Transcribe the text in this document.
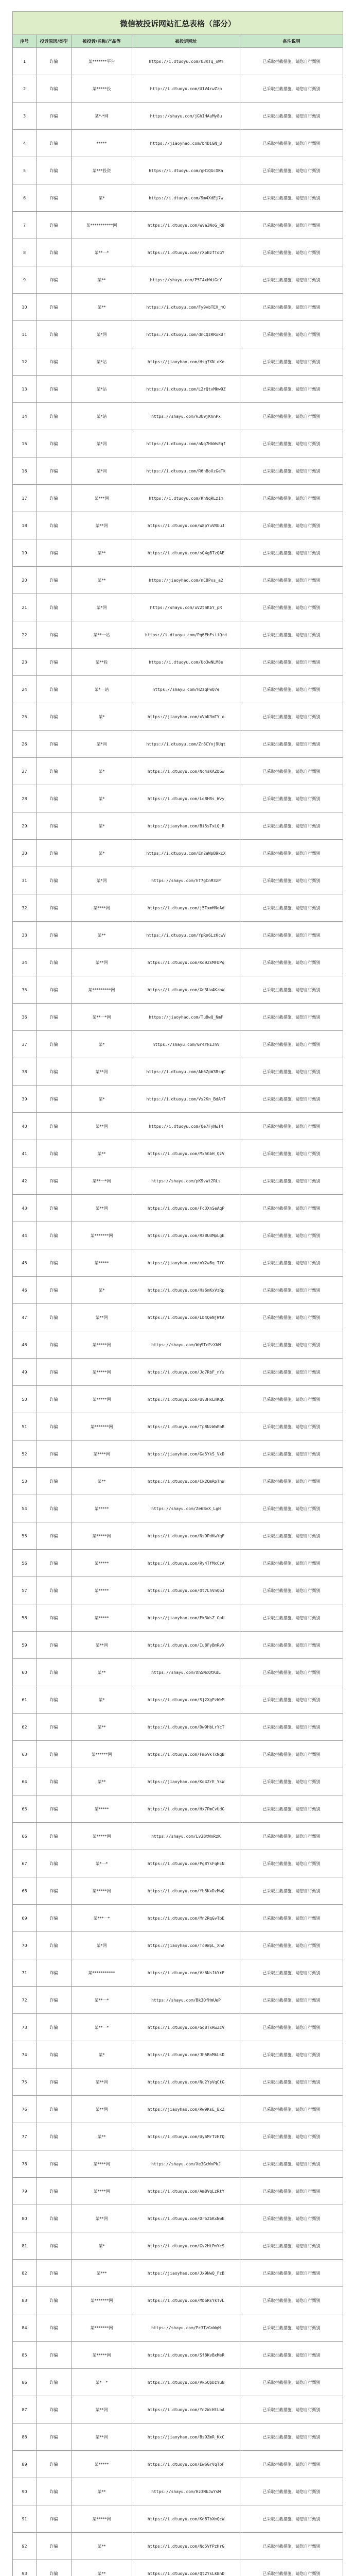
微信被投诉网站汇总表格（部分）				
序号	投诉原因/类型	被投诉/名称/产品等	被投诉网址	备注说明
1	诈骗	某*******平台	https://i.dtuoyu.com/U3KTq_oWm	已采取拦截措施，请您自行甄别
2	诈骗	某*****投	http://i.dtuoyu.com/U1V4rwZzp	已采取拦截措施，请您自行甄别
3	诈骗	某*-*网	https://shayu.com/jGhIHAuMy8u	已采取拦截措施，请您自行甄别
4	诈骗	*****	https://jiaoyhao.com/b4DiGN_8	已采取拦截措施，请您自行甄别
5	诈骗	某***投资	https://i.dtuoyu.com/gH1QGcXKa	已采取拦截措施，请您自行甄别
6	诈骗	某*	https://i.dtuoyu.com/9m4XdEj7w	已采取拦截措施，请您自行甄别
7	诈骗	某***********网	https://i.dtuoyu.com/Wva3NoG_R8	已采取拦截措施，请您自行甄别
8	诈骗	某**一*	https://i.dtuoyu.com/rXpBzfToGY	已采取拦截措施，请您自行甄别
9	诈骗	某**	https://shayu.com/P5T4xhWiGcY	已采取拦截措施，请您自行甄别
10	诈骗	某**	https://i.dtuoyu.com/Fy9vbTEX_mO	已采取拦截措施，请您自行甄别
11	诈骗	某*网	https://i.dtuoyu.com/dmCQzRRxkUr	已采取拦截措施，请您自行甄别
12	诈骗	某*站	https://jiaoyhao.com/Hsg7XN_oKe	已采取拦截措施，请您自行甄别
13	诈骗	某*站	https://i.dtuoyu.com/L2rQtvMkw9Z	已采取拦截措施，请您自行甄别
14	诈骗	某*站	https://shayu.com/k3U9jKhnPx	已采取拦截措施，请您自行甄别
15	诈骗	某*网	https://i.dtuoyu.com/aNq7HbWsEqf	已采取拦截措施，请您自行甄别
16	诈骗	某*网	https://i.dtuoyu.com/R6nBoXzGeTk	已采取拦截措施，请您自行甄别
17	诈骗	某***网	https://i.dtuoyu.com/KhNqRLz1m	已采取拦截措施，请您自行甄别
18	诈骗	某**网	https://i.dtuoyu.com/W8pYuVRbuJ	已采取拦截措施，请您自行甄别
19	诈骗	某**	https://i.dtuoyu.com/sQ4gBTzQAE	已采取拦截措施，请您自行甄别
20	诈骗	某**	https://jiaoyhao.com/nC8Pxs_a2	已采取拦截措施，请您自行甄别
21	诈骗	某*网	https://shayu.com/uV2tmKbY_pR	已采取拦截措施，请您自行甄别
22	诈骗	某**一站	https://i.dtuoyu.com/Pq6EbFsiiQrd	已采取拦截措施，请您自行甄别
23	诈骗	某**投	https://i.dtuoyu.com/Uo3wNLM8e	已采取拦截措施，请您自行甄别
24	诈骗	某*一站	https://shayu.com/H2zqFwQ7e	已采取拦截措施，请您自行甄别
25	诈骗	某*	https://jiaoyhao.com/xVbK3mTY_o	已采取拦截措施，请您自行甄别
26	诈骗	某*网	https://i.dtuoyu.com/Zr8CYnj9Uqt	已采取拦截措施，请您自行甄别
27	诈骗	某*	https://i.dtuoyu.com/Nc4sKAZbGw	已采取拦截措施，请您自行甄别
28	诈骗	某*	https://i.dtuoyu.com/Lq8HRs_Wvy	已采取拦截措施，请您自行甄别
29	诈骗	某*	https://jiaoyhao.com/Bi5sTxLQ_R	已采取拦截措施，请您自行甄别
30	诈骗	某*	https://i.dtuoyu.com/Em2aWpB9kcX	已采取拦截措施，请您自行甄别
31	诈骗	某*网	https://shayu.com/hT7gCnM3zP	已采取拦截措施，请您自行甄别
32	诈骗	某****网	https://i.dtuoyu.com/j5TxmHNeAd	已采取拦截措施，请您自行甄别
33	诈骗	某**	https://i.dtuoyu.com/YpRn6LzKcwV	已采取拦截措施，请您自行甄别
34	诈骗	某**网	https://i.dtuoyu.com/Kd9ZsMFbPq	已采取拦截措施，请您自行甄别
35	诈骗	某*********网	https://i.dtuoyu.com/Xn3UvAKzbW	已采取拦截措施，请您自行甄别
36	诈骗	某**一*网	https://jiaoyhao.com/Tu8wQ_NmF	已采取拦截措施，请您自行甄别
37	诈骗	某*	https://shayu.com/Gr4YkEJhV	已采取拦截措施，请您自行甄别
38	诈骗	某**网	https://i.dtuoyu.com/Ab6ZpW3RsqC	已采取拦截措施，请您自行甄别
39	诈骗	某*	https://i.dtuoyu.com/Vs2Kn_BdAmT	已采取拦截措施，请您自行甄别
40	诈骗	某**网	https://i.dtuoyu.com/Qe7FyNwT4	已采取拦截措施，请您自行甄别
41	诈骗	某**	https://i.dtuoyu.com/Mx5GbH_QzV	已采取拦截措施，请您自行甄别
42	诈骗	某**一*网	https://shayu.com/pK9vWt2RLs	已采取拦截措施，请您自行甄别
43	诈骗	某**网	https://i.dtuoyu.com/Fc3XnSeAqP	已采取拦截措施，请您自行甄别
44	诈骗	某*******网	https://i.dtuoyu.com/Rz8UdMpLgE	已采取拦截措施，请您自行甄别
45	诈骗	某*****	https://jiaoyhao.com/nY2wBq_TfC	已采取拦截措施，请您自行甄别
46	诈骗	某*	https://i.dtuoyu.com/Hs6mKxVzRp	已采取拦截措施，请您自行甄别
47	诈骗	某**网	https://i.dtuoyu.com/Lb4QeNjWtA	已采取拦截措施，请您自行甄别
48	诈骗	某*****网	https://shayu.com/Wq9TcPzXkM	已采取拦截措施，请您自行甄别
49	诈骗	某*****网	https://i.dtuoyu.com/Jd7RbF_nYs	已采取拦截措施，请您自行甄别
50	诈骗	某*****网	https://i.dtuoyu.com/Uv3HxLmKqC	已采取拦截措施，请您自行甄别
51	诈骗	某*******网	https://i.dtuoyu.com/Tp8NzWaEbR	已采取拦截措施，请您自行甄别
52	诈骗	某****网	https://jiaoyhao.com/Ga5YkS_VxD	已采取拦截措施，请您自行甄别
53	诈骗	某**	https://i.dtuoyu.com/Ck2QmRpTnW	已采取拦截措施，请您自行甄别
54	诈骗	某*****	https://shayu.com/Ze6BvX_LgH	已采取拦截措施，请您自行甄别
55	诈骗	某*****网	https://i.dtuoyu.com/Ns9PdKwYqF	已采取拦截措施，请您自行甄别
56	诈骗	某*****	https://i.dtuoyu.com/Ry4TfMxCzA	已采取拦截措施，请您自行甄别
57	诈骗	某*****	https://i.dtuoyu.com/Ot7LhVnQbJ	已采取拦截措施，请您自行甄别
58	诈骗	某*****	https://jiaoyhao.com/Ek3WsZ_GpU	已采取拦截措施，请您自行甄别
59	诈骗	某**网	https://i.dtuoyu.com/Iu8FyBmRvX	已采取拦截措施，请您自行甄别
60	诈骗	某**	https://shayu.com/Ah5NcQtKdL	已采取拦截措施，请您自行甄别
61	诈骗	某*	https://i.dtuoyu.com/Sj2XgPzWeM	已采取拦截措施，请您自行甄别
62	诈骗	某**	https://i.dtuoyu.com/Dw9HbLrYcT	已采取拦截措施，请您自行甄别
63	诈骗	某******网	https://i.dtuoyu.com/Fm6VkTxNqB	已采取拦截措施，请您自行甄别
64	诈骗	某**	https://jiaoyhao.com/Kq4ZrE_YsW	已采取拦截措施，请您自行甄别
65	诈骗	某*****	https://i.dtuoyu.com/Hx7PmCvUdG	已采取拦截措施，请您自行甄别
66	诈骗	某*****网	https://shayu.com/Lv3BtWnRzK	已采取拦截措施，请您自行甄别
67	诈骗	某*一*	https://i.dtuoyu.com/Pg8YsFqHcN	已采取拦截措施，请您自行甄别
68	诈骗	某*****网	https://i.dtuoyu.com/Yb5KxDzMwQ	已采取拦截措施，请您自行甄别
69	诈骗	某***一*	https://i.dtuoyu.com/Mn2RqGvTbE	已采取拦截措施，请您自行甄别
70	诈骗	某*网	https://jiaoyhao.com/Tc9WpL_XhA	已采取拦截措施，请您自行甄别
71	诈骗	某***********	https://i.dtuoyu.com/Vz6NsJkYrF	已采取拦截措施，请您自行甄别
72	诈骗	某**一*	https://shayu.com/Bk3QfHmUeP	已采取拦截措施，请您自行甄别
73	诈骗	某**一*	https://i.dtuoyu.com/Gq8TxRwZcV	已采取拦截措施，请您自行甄别
74	诈骗	某*	https://i.dtuoyu.com/Jh5BnMkLsD	已采取拦截措施，请您自行甄别
75	诈骗	某**网	https://i.dtuoyu.com/Nu2YpVqCtG	已采取拦截措施，请您自行甄别
76	诈骗	某**网	https://jiaoyhao.com/Rw9KsE_BxZ	已采取拦截措施，请您自行甄别
77	诈骗	某**	https://i.dtuoyu.com/Uy6MrTzHfQ	已采取拦截措施，请您自行甄别
78	诈骗	某****网	https://shayu.com/Xe3GcWnPkJ	已采取拦截措施，请您自行甄别
79	诈骗	某****网	https://i.dtuoyu.com/Am8VqLzRtY	已采取拦截措施，请您自行甄别
80	诈骗	某**网	https://i.dtuoyu.com/Dr5ZbKxNwE	已采取拦截措施，请您自行甄别
81	诈骗	某*	https://i.dtuoyu.com/Gv2HtPmYcS	已采取拦截措施，请您自行甄别
82	诈骗	某***	https://jiaoyhao.com/Jx9NwQ_FzB	已采取拦截措施，请您自行甄别
83	诈骗	某*******网	https://i.dtuoyu.com/Mb6RsYkTvL	已采取拦截措施，请您自行甄别
84	诈骗	某*******网	https://shayu.com/Pc3TzGnWqH	已采取拦截措施，请您自行甄别
85	诈骗	某*****网	https://i.dtuoyu.com/Sf8KvBxMeR	已采取拦截措施，请您自行甄别
86	诈骗	某*一*	https://i.dtuoyu.com/Vk5QpDzYuN	已采取拦截措施，请您自行甄别
87	诈骗	某**网	https://i.dtuoyu.com/Yn2WcHtLbA	已采取拦截措施，请您自行甄别
88	诈骗	某**网	https://jiaoyhao.com/Bs9ZmR_KxC	已采取拦截措施，请您自行甄别
89	诈骗	某*****	https://i.dtuoyu.com/Ew6GrVqTpF	已采取拦截措施，请您自行甄别
90	诈骗	某**	https://shayu.com/Hz3NkJwYsM	已采取拦截措施，请您自行甄别
91	诈骗	某*****网	https://i.dtuoyu.com/Kd8TbXmQcW	已采取拦截措施，请您自行甄别
92	诈骗	某**	https://i.dtuoyu.com/Nq5VfPzHrG	已采取拦截措施，请您自行甄别
93	诈骗	某**	https://i.dtuoyu.com/Qt2YsLkBnD	已采取拦截措施，请您自行甄别
